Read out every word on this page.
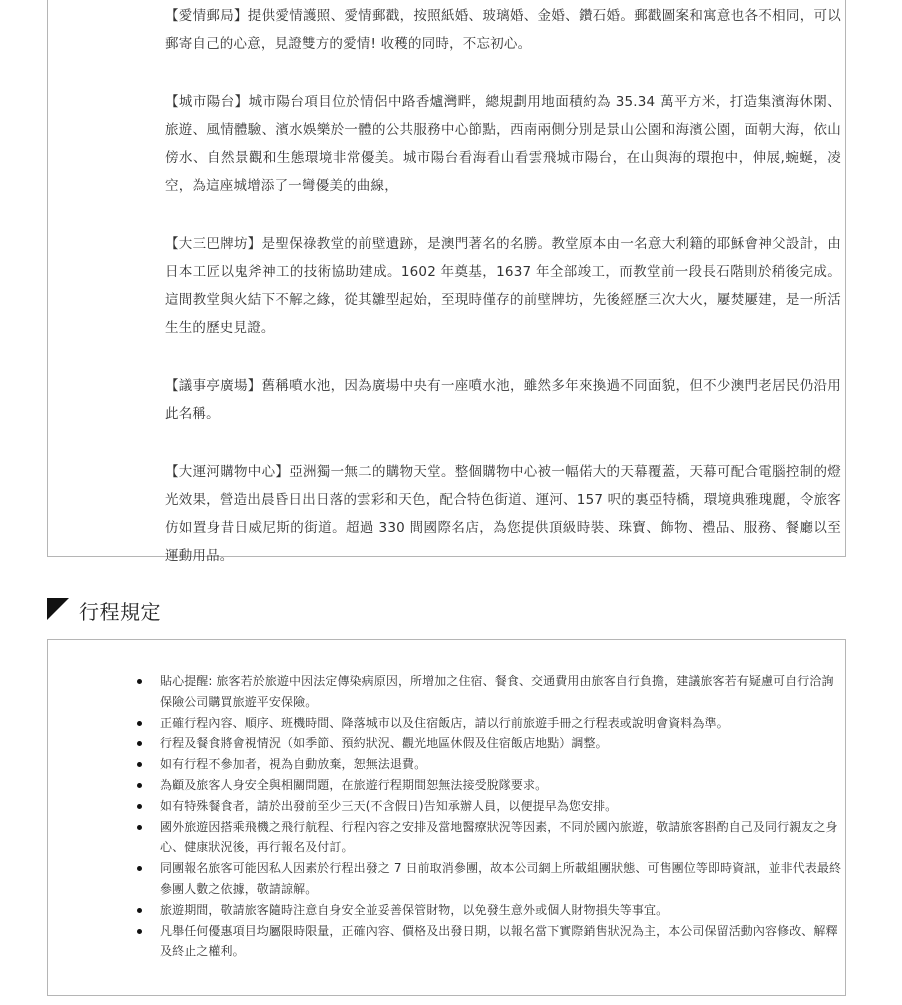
【愛情郵局】提供愛情護照、愛情郵戳，按照紙婚、玻璃婚、金婚、鑽石婚。郵戳圖案和寓意也各不相同，可以郵寄自己的心意，見證雙方的愛情! 收穫的同時，不忘初心。

【城市陽台】城市陽台項目位於情侶中路香爐灣畔，總規劃用地面積約為 35.34 萬平方米，打造集濱海休閑、旅遊、風情體驗、濱水娛樂於一體的公共服務中心節點，西南兩側分別是景山公園和海濱公園，面朝大海，依山傍水、自然景觀和生態環境非常優美。城市陽台看海看山看雲飛城市陽台，在山與海的環抱中，伸展,蜿蜒，凌空，為這座城增添了一彎優美的曲線，

【大三巴牌坊】是聖保祿教堂的前壁遺跡，是澳門著名的名勝。教堂原本由一名意大利籍的耶穌會神父設計，由日本工匠以鬼斧神工的技術協助建成。1602 年奠基，1637 年全部竣工，而教堂前一段長石階則於稍後完成。這間教堂與火結下不解之緣，從其雛型起始，至現時僅存的前壁牌坊，先後經歷三次大火，屢焚屢建，是一所活生生的歷史見證。

【議事亭廣場】舊稱噴水池，因為廣場中央有一座噴水池，雖然多年來換過不同面貌，但不少澳門老居民仍沿用此名稱。

【大運河購物中心】亞洲獨一無二的購物天堂。整個購物中心被一幅偌大的天幕覆蓋，天幕可配合電腦控制的燈光效果，營造出晨昏日出日落的雲彩和天色，配合特色街道、運河、157 呎的裏亞特橋，環境典雅瑰麗，令旅客仿如置身昔日威尼斯的街道。超過 330 間國際名店，為您提供頂級時裝、珠寶、飾物、禮品、服務、餐廳以至運動用品。

行程規定
貼心提醒: 旅客若於旅遊中因法定傳染病原因，所增加之住宿、餐食、交通費用由旅客自行負擔，建議旅客若有疑慮可自行洽詢保險公司購買旅遊平安保險。
正確行程內容、順序、班機時間、降落城市以及住宿飯店，請以行前旅遊手冊之行程表或說明會資料為準。
行程及餐食將會視情況（如季節、預約狀況、觀光地區休假及住宿飯店地點）調整。
如有行程不參加者，視為自動放棄，恕無法退費。
為顧及旅客人身安全與相關問題，在旅遊行程期間恕無法接受脫隊要求。
如有特殊餐食者，請於出發前至少三天(不含假日)告知承辦人員，以便提早為您安排。
國外旅遊因搭乘飛機之飛行航程、行程內容之安排及當地醫療狀況等因素，不同於國內旅遊，敬請旅客斟酌自己及同行親友之身心、健康狀況後，再行報名及付訂。
同團報名旅客可能因私人因素於行程出發之 7 日前取消參團，故本公司網上所載組團狀態、可售團位等即時資訊，並非代表最終參團人數之依據，敬請諒解。
旅遊期間，敬請旅客隨時注意自身安全並妥善保管財物，以免發生意外或個人財物損失等事宜。
凡舉任何優惠項目均屬限時限量，正確內容、價格及出發日期，以報名當下實際銷售狀況為主，本公司保留活動內容修改、解釋及終止之權利。
